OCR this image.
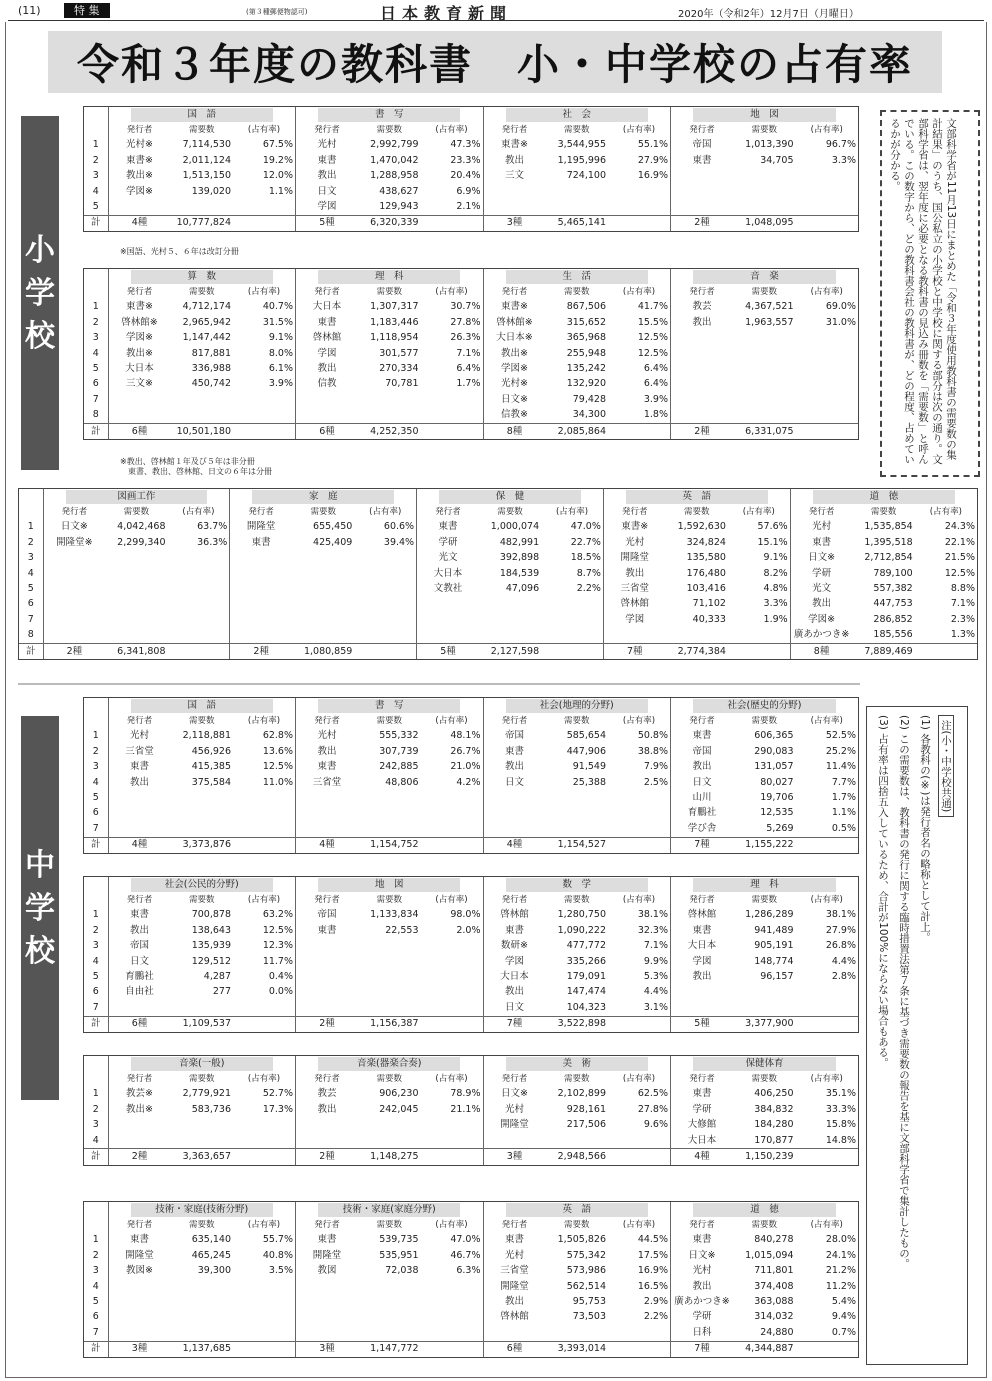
(11)	特 集	(第３種郵便物認可)	日本教育新聞	2020年（令和2年）12月7日（月曜日）
令和３年度の教科書　小・中学校の占有率
小
学
校
中
学
校
文部科学省が11月13日にまとめた「令和３年度使用教科書の需要数の集計結果」のうち、国公私立の小学校と中学校に関する部分は次の通り。文部科学省は、翌年度に必要となる教科書の見込み冊数を「需要数」と呼んでいる。この数字から、どの教科書会社の教科書が、どの程度、占めているかが分かる。
注(小・中学校共通)

(1) 各教科の(※)は発行者名の略称として計上。

(2) この需要数は、教科書の発行に関する臨時措置法第７条に基づき需要数の報告を基に文部科学省で集計したもの。

(3) 占有率は四捨五入しているため、合計が100%にならない場合もある。

	国　語			書　写			社　会			地　図		
	発行者	需要数	(占有率)	発行者	需要数	(占有率)	発行者	需要数	(占有率)	発行者	需要数	(占有率)
1	光村※	7,114,530	67.5%	光村	2,992,799	47.3%	東書※	3,544,955	55.1%	帝国	1,013,390	96.7%
2	東書※	2,011,124	19.2%	東書	1,470,042	23.3%	教出	1,195,996	27.9%	東書	34,705	3.3%
3	教出※	1,513,150	12.0%	教出	1,288,958	20.4%	三文	724,100	16.9%			
4	学図※	139,020	1.1%	日文	438,627	6.9%						
5				学図	129,943	2.1%						
計	4種	10,777,824		5種	6,320,339		3種	5,465,141		2種	1,048,095	
※国語、光村５、６年は改訂分冊
	算　数			理　科			生　活			音　楽		
	発行者	需要数	(占有率)	発行者	需要数	(占有率)	発行者	需要数	(占有率)	発行者	需要数	(占有率)
1	東書※	4,712,174	40.7%	大日本	1,307,317	30.7%	東書※	867,506	41.7%	教芸	4,367,521	69.0%
2	啓林館※	2,965,942	31.5%	東書	1,183,446	27.8%	啓林館※	315,652	15.5%	教出	1,963,557	31.0%
3	学図※	1,147,442	9.1%	啓林館	1,118,954	26.3%	大日本※	365,968	12.5%			
4	教出※	817,881	8.0%	学図	301,577	7.1%	教出※	255,948	12.5%			
5	大日本	336,988	6.1%	教出	270,334	6.4%	学図※	135,242	6.4%			
6	三文※	450,742	3.9%	信教	70,781	1.7%	光村※	132,920	6.4%			
7							日文※	79,428	3.9%			
8							信教※	34,300	1.8%			
計	6種	10,501,180		6種	4,252,350		8種	2,085,864		2種	6,331,075	
※教出、啓林館１年及び５年は非分冊
　東書、教出、啓林館、日文の６年は分冊
	図画工作			家　庭			保　健			英　語			道　徳		
	発行者	需要数	(占有率)	発行者	需要数	(占有率)	発行者	需要数	(占有率)	発行者	需要数	(占有率)	発行者	需要数	(占有率)
1	日文※	4,042,468	63.7%	開隆堂	655,450	60.6%	東書	1,000,074	47.0%	東書※	1,592,630	57.6%	光村	1,535,854	24.3%
2	開隆堂※	2,299,340	36.3%	東書	425,409	39.4%	学研	482,991	22.7%	光村	324,824	15.1%	東書	1,395,518	22.1%
3							光文	392,898	18.5%	開隆堂	135,580	9.1%	日文※	2,712,854	21.5%
4							大日本	184,539	8.7%	教出	176,480	8.2%	学研	789,100	12.5%
5							文教社	47,096	2.2%	三省堂	103,416	4.8%	光文	557,382	8.8%
6										啓林館	71,102	3.3%	教出	447,753	7.1%
7										学図	40,333	1.9%	学図※	286,852	2.3%
8													廣あかつき※	185,556	1.3%
計	2種	6,341,808		2種	1,080,859		5種	2,127,598		7種	2,774,384		8種	7,889,469	
	国　語			書　写			社会(地理的分野)			社会(歴史的分野)		
	発行者	需要数	(占有率)	発行者	需要数	(占有率)	発行者	需要数	(占有率)	発行者	需要数	(占有率)
1	光村	2,118,881	62.8%	光村	555,332	48.1%	帝国	585,654	50.8%	東書	606,365	52.5%
2	三省堂	456,926	13.6%	教出	307,739	26.7%	東書	447,906	38.8%	帝国	290,083	25.2%
3	東書	415,385	12.5%	東書	242,885	21.0%	教出	91,549	7.9%	教出	131,057	11.4%
4	教出	375,584	11.0%	三省堂	48,806	4.2%	日文	25,388	2.5%	日文	80,027	7.7%
5										山川	19,706	1.7%
6										育鵬社	12,535	1.1%
7										学び舎	5,269	0.5%
計	4種	3,373,876		4種	1,154,752		4種	1,154,527		7種	1,155,222	
	社会(公民的分野)			地　図			数　学			理　科		
	発行者	需要数	(占有率)	発行者	需要数	(占有率)	発行者	需要数	(占有率)	発行者	需要数	(占有率)
1	東書	700,878	63.2%	帝国	1,133,834	98.0%	啓林館	1,280,750	38.1%	啓林館	1,286,289	38.1%
2	教出	138,643	12.5%	東書	22,553	2.0%	東書	1,090,222	32.3%	東書	941,489	27.9%
3	帝国	135,939	12.3%				数研※	477,772	7.1%	大日本	905,191	26.8%
4	日文	129,512	11.7%				学図	335,266	9.9%	学図	148,774	4.4%
5	育鵬社	4,287	0.4%				大日本	179,091	5.3%	教出	96,157	2.8%
6	自由社	277	0.0%				教出	147,474	4.4%			
7							日文	104,323	3.1%			
計	6種	1,109,537		2種	1,156,387		7種	3,522,898		5種	3,377,900	
	音楽(一般)			音楽(器楽合奏)			美　術			保健体育		
	発行者	需要数	(占有率)	発行者	需要数	(占有率)	発行者	需要数	(占有率)	発行者	需要数	(占有率)
1	教芸※	2,779,921	52.7%	教芸	906,230	78.9%	日文※	2,102,899	62.5%	東書	406,250	35.1%
2	教出※	583,736	17.3%	教出	242,045	21.1%	光村	928,161	27.8%	学研	384,832	33.3%
3							開隆堂	217,506	9.6%	大修館	184,280	15.8%
4										大日本	170,877	14.8%
計	2種	3,363,657		2種	1,148,275		3種	2,948,566		4種	1,150,239	
	技術・家庭(技術分野)			技術・家庭(家庭分野)			英　語			道　徳		
	発行者	需要数	(占有率)	発行者	需要数	(占有率)	発行者	需要数	(占有率)	発行者	需要数	(占有率)
1	東書	635,140	55.7%	東書	539,735	47.0%	東書	1,505,826	44.5%	東書	840,278	28.0%
2	開隆堂	465,245	40.8%	開隆堂	535,951	46.7%	光村	575,342	17.5%	日文※	1,015,094	24.1%
3	教図※	39,300	3.5%	教図	72,038	6.3%	三省堂	573,986	16.9%	光村	711,801	21.2%
4							開隆堂	562,514	16.5%	教出	374,408	11.2%
5							教出	95,753	2.9%	廣あかつき※	363,088	5.4%
6							啓林館	73,503	2.2%	学研	314,032	9.4%
7										日科	24,880	0.7%
計	3種	1,137,685		3種	1,147,772		6種	3,393,014		7種	4,344,887	
